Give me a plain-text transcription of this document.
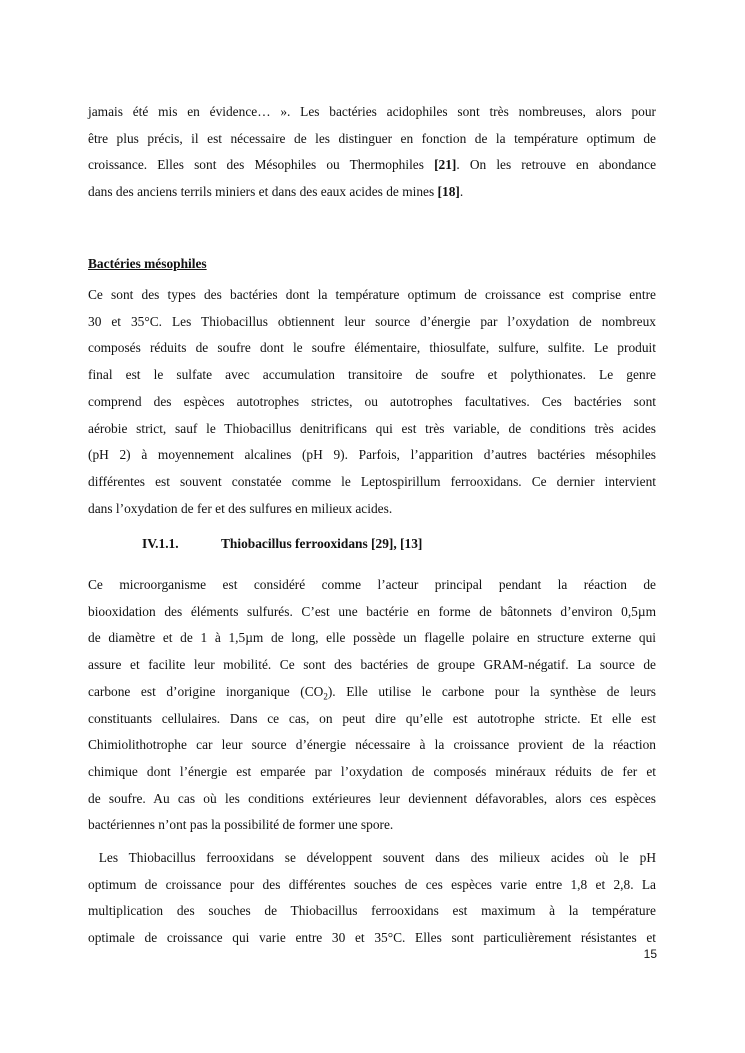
jamais été mis en évidence… ». Les bactéries acidophiles sont très nombreuses, alors pour
être plus précis, il est nécessaire de les distinguer en fonction de la température optimum de
croissance. Elles sont des Mésophiles ou Thermophiles [21]. On les retrouve en abondance
dans des anciens terrils miniers et dans des eaux acides de mines [18].

Bactéries mésophiles

Ce sont des types des bactéries dont la température optimum de croissance est comprise entre
30 et 35°C. Les Thiobacillus obtiennent leur source d’énergie par l’oxydation de nombreux
composés réduits de soufre dont le soufre élémentaire, thiosulfate, sulfure, sulfite. Le produit
final est le sulfate avec accumulation transitoire de soufre et polythionates. Le genre
comprend des espèces autotrophes strictes, ou autotrophes facultatives. Ces bactéries sont
aérobie strict, sauf le Thiobacillus denitrificans qui est très variable, de conditions très acides
(pH 2) à moyennement alcalines (pH 9). Parfois, l’apparition d’autres bactéries mésophiles
différentes est souvent constatée comme le Leptospirillum ferrooxidans. Ce dernier intervient
dans l’oxydation de fer et des sulfures en milieux acides.

IV.1.1.	Thiobacillus ferrooxidans [29], [13]

Ce microorganisme est considéré comme l’acteur principal pendant la réaction de
biooxidation des éléments sulfurés. C’est une bactérie en forme de bâtonnets d’environ 0,5µm
de diamètre et de 1 à 1,5µm de long, elle possède un flagelle polaire en structure externe qui
assure et facilite leur mobilité. Ce sont des bactéries de groupe GRAM-négatif. La source de
carbone est d’origine inorganique $(CO_2)$. Elle utilise le carbone pour la synthèse de leurs
constituants cellulaires. Dans ce cas, on peut dire qu’elle est autotrophe stricte. Et elle est
Chimiolithotrophe car leur source d’énergie nécessaire à la croissance provient de la réaction
chimique dont l’énergie est emparée par l’oxydation de composés minéraux réduits de fer et
de soufre. Au cas où les conditions extérieures leur deviennent défavorables, alors ces espèces
bactériennes n’ont pas la possibilité de former une spore.
Les Thiobacillus ferrooxidans se développent souvent dans des milieux acides où le pH
optimum de croissance pour des différentes souches de ces espèces varie entre 1,8 et 2,8. La
multiplication des souches de Thiobacillus ferrooxidans est maximum à la température
optimale de croissance qui varie entre 30 et 35°C. Elles sont particulièrement résistantes et
15
